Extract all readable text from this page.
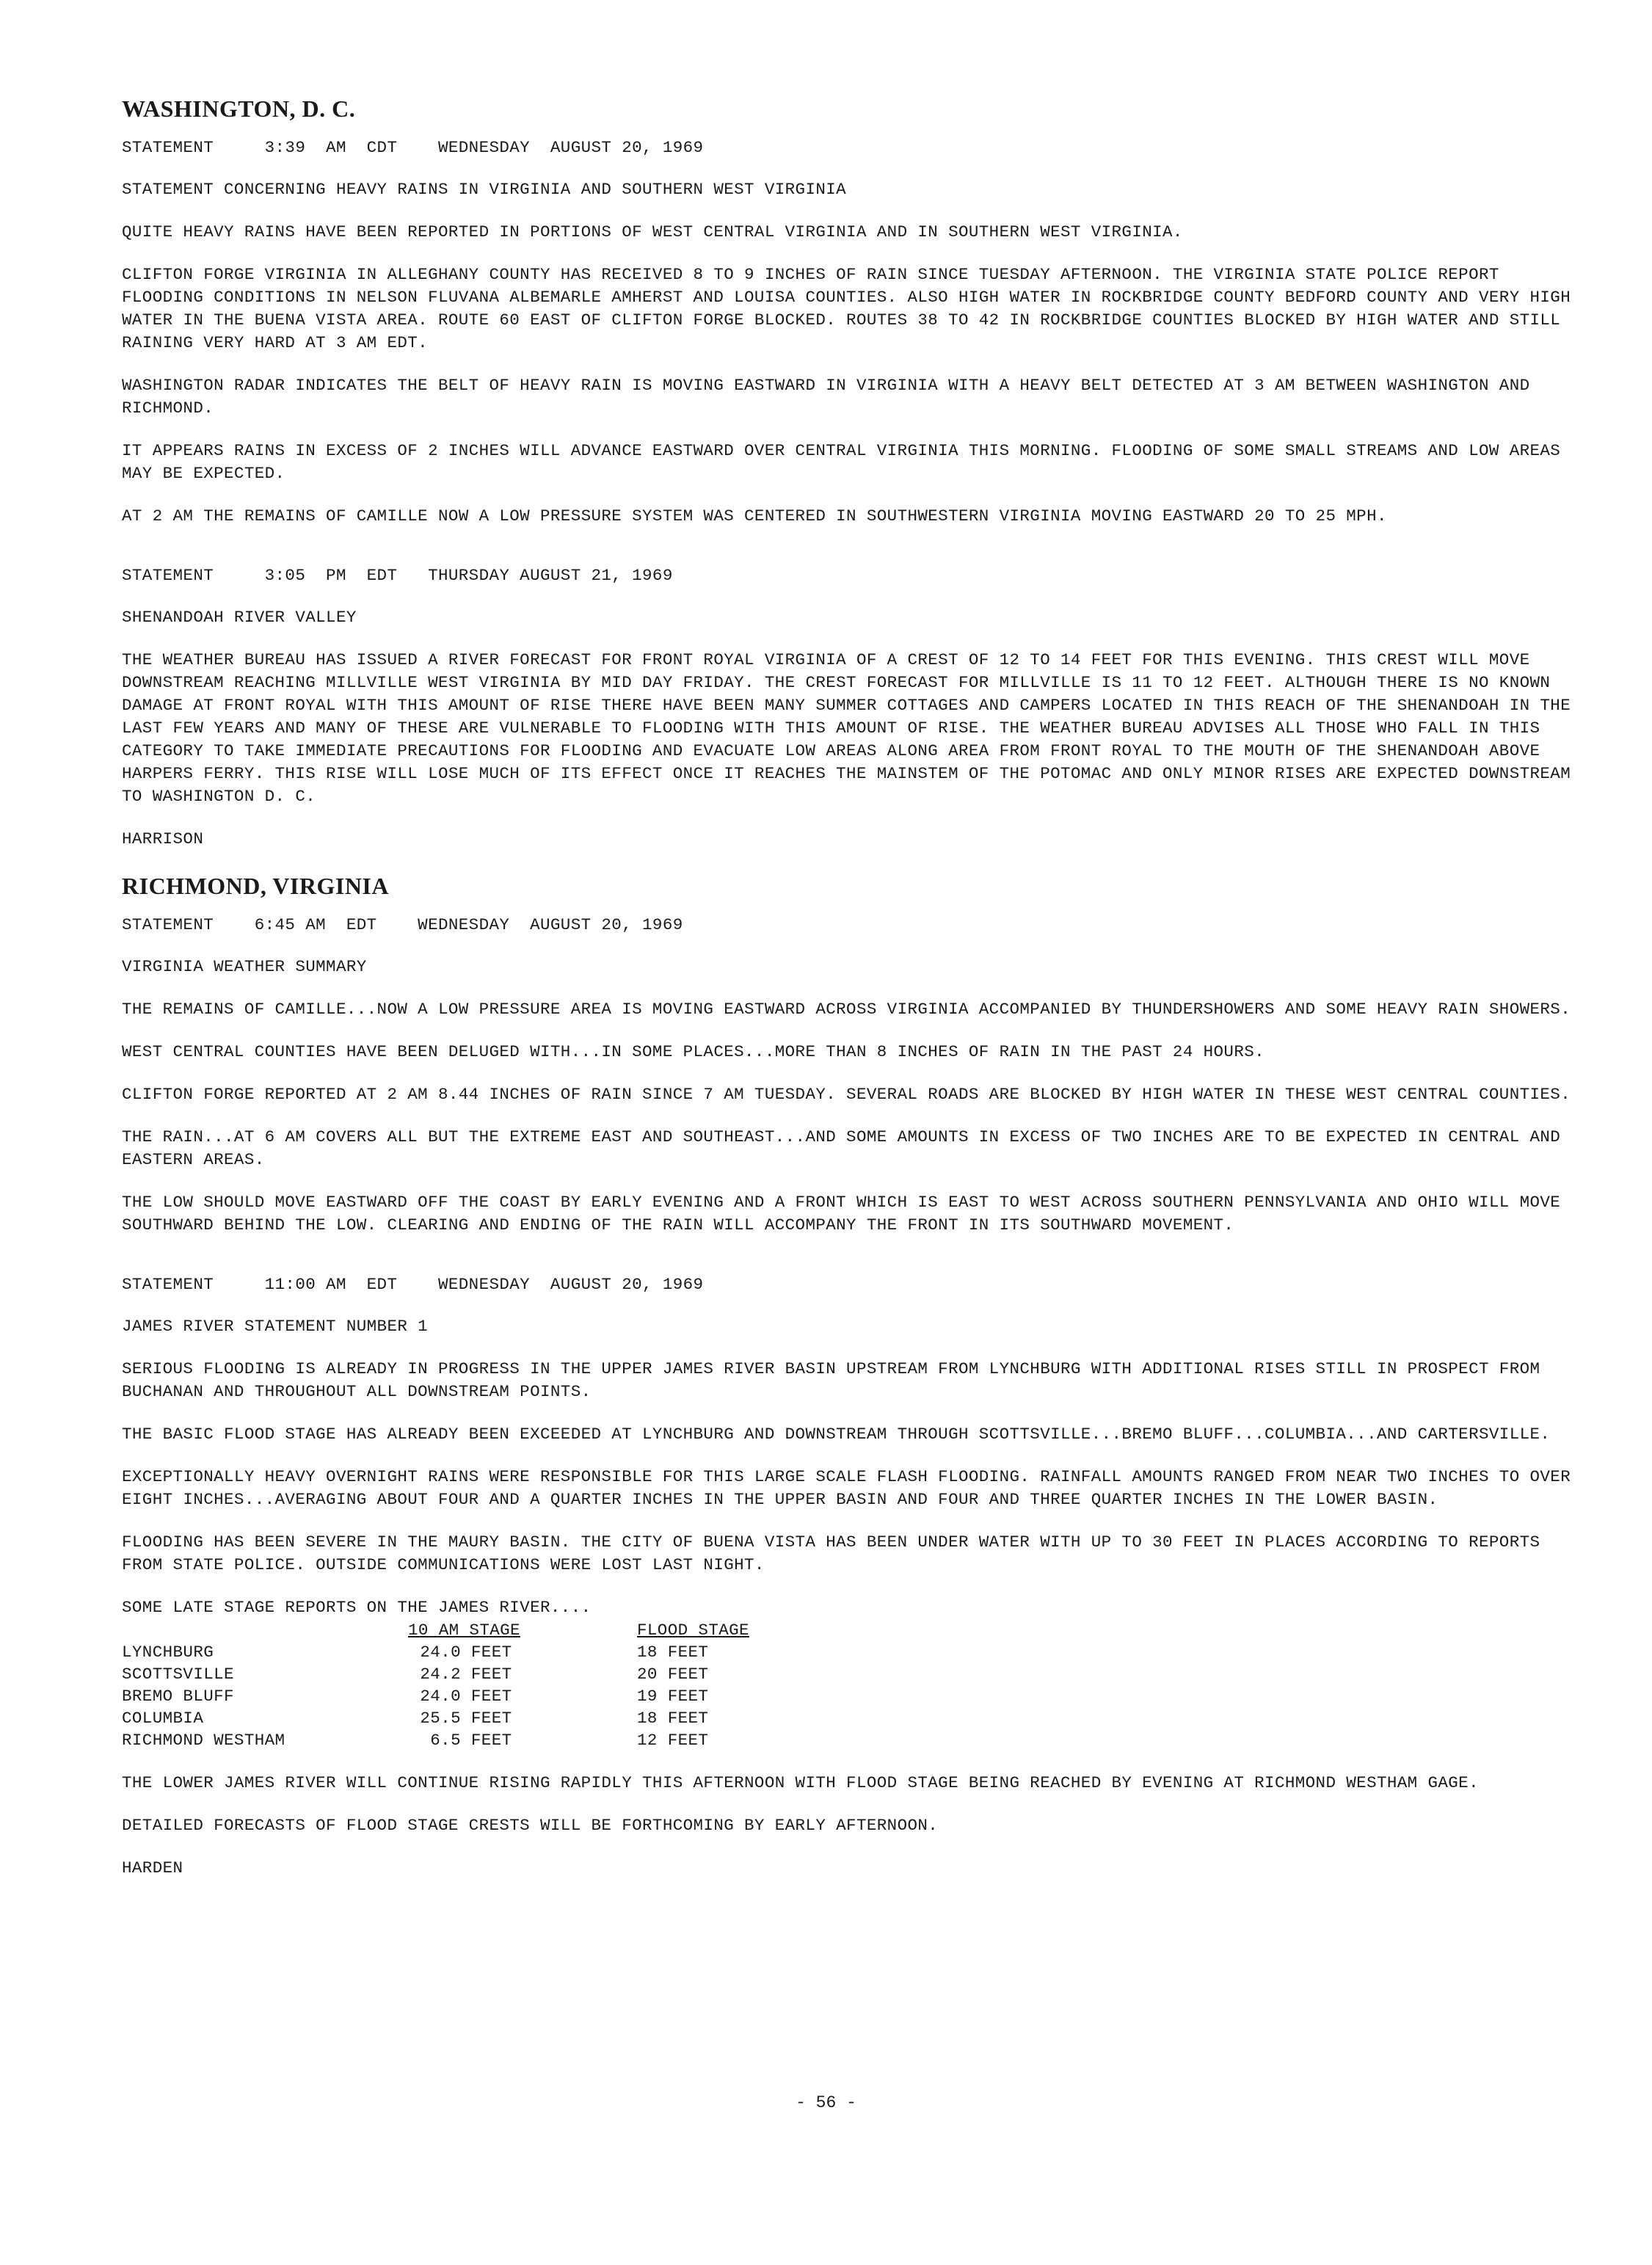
WASHINGTON, D. C.
STATEMENT     3:39  AM  CDT    WEDNESDAY  AUGUST 20, 1969

STATEMENT CONCERNING HEAVY RAINS IN VIRGINIA AND SOUTHERN WEST VIRGINIA

QUITE HEAVY RAINS HAVE BEEN REPORTED IN PORTIONS OF WEST CENTRAL VIRGINIA AND IN SOUTHERN WEST VIRGINIA.

CLIFTON FORGE VIRGINIA IN ALLEGHANY COUNTY HAS RECEIVED 8 TO 9 INCHES OF RAIN SINCE TUESDAY AFTERNOON. THE VIRGINIA STATE POLICE REPORT FLOODING CONDITIONS IN NELSON FLUVANA ALBEMARLE AMHERST AND LOUISA COUNTIES. ALSO HIGH WATER IN ROCKBRIDGE COUNTY BEDFORD COUNTY AND VERY HIGH WATER IN THE BUENA VISTA AREA. ROUTE 60 EAST OF CLIFTON FORGE BLOCKED. ROUTES 38 TO 42 IN ROCKBRIDGE COUNTIES BLOCKED BY HIGH WATER AND STILL RAINING VERY HARD AT 3 AM EDT.

WASHINGTON RADAR INDICATES THE BELT OF HEAVY RAIN IS MOVING EASTWARD IN VIRGINIA WITH A HEAVY BELT DETECTED AT 3 AM BETWEEN WASHINGTON AND RICHMOND.

IT APPEARS RAINS IN EXCESS OF 2 INCHES WILL ADVANCE EASTWARD OVER CENTRAL VIRGINIA THIS MORNING. FLOODING OF SOME SMALL STREAMS AND LOW AREAS MAY BE EXPECTED.

AT 2 AM THE REMAINS OF CAMILLE NOW A LOW PRESSURE SYSTEM WAS CENTERED IN SOUTHWESTERN VIRGINIA MOVING EASTWARD 20 TO 25 MPH.

STATEMENT     3:05  PM  EDT   THURSDAY AUGUST 21, 1969

SHENANDOAH RIVER VALLEY

THE WEATHER BUREAU HAS ISSUED A RIVER FORECAST FOR FRONT ROYAL VIRGINIA OF A CREST OF 12 TO 14 FEET FOR THIS EVENING. THIS CREST WILL MOVE DOWNSTREAM REACHING MILLVILLE WEST VIRGINIA BY MID DAY FRIDAY. THE CREST FORECAST FOR MILLVILLE IS 11 TO 12 FEET. ALTHOUGH THERE IS NO KNOWN DAMAGE AT FRONT ROYAL WITH THIS AMOUNT OF RISE THERE HAVE BEEN MANY SUMMER COTTAGES AND CAMPERS LOCATED IN THIS REACH OF THE SHENANDOAH IN THE LAST FEW YEARS AND MANY OF THESE ARE VULNERABLE TO FLOODING WITH THIS AMOUNT OF RISE. THE WEATHER BUREAU ADVISES ALL THOSE WHO FALL IN THIS CATEGORY TO TAKE IMMEDIATE PRECAUTIONS FOR FLOODING AND EVACUATE LOW AREAS ALONG AREA FROM FRONT ROYAL TO THE MOUTH OF THE SHENANDOAH ABOVE HARPERS FERRY. THIS RISE WILL LOSE MUCH OF ITS EFFECT ONCE IT REACHES THE MAINSTEM OF THE POTOMAC AND ONLY MINOR RISES ARE EXPECTED DOWNSTREAM TO WASHINGTON D. C.

HARRISON

RICHMOND, VIRGINIA
STATEMENT    6:45 AM  EDT    WEDNESDAY  AUGUST 20, 1969

VIRGINIA WEATHER SUMMARY

THE REMAINS OF CAMILLE...NOW A LOW PRESSURE AREA IS MOVING EASTWARD ACROSS VIRGINIA ACCOMPANIED BY THUNDERSHOWERS AND SOME HEAVY RAIN SHOWERS.

WEST CENTRAL COUNTIES HAVE BEEN DELUGED WITH...IN SOME PLACES...MORE THAN 8 INCHES OF RAIN IN THE PAST 24 HOURS.

CLIFTON FORGE REPORTED AT 2 AM 8.44 INCHES OF RAIN SINCE 7 AM TUESDAY. SEVERAL ROADS ARE BLOCKED BY HIGH WATER IN THESE WEST CENTRAL COUNTIES.

THE RAIN...AT 6 AM COVERS ALL BUT THE EXTREME EAST AND SOUTHEAST...AND SOME AMOUNTS IN EXCESS OF TWO INCHES ARE TO BE EXPECTED IN CENTRAL AND EASTERN AREAS.

THE LOW SHOULD MOVE EASTWARD OFF THE COAST BY EARLY EVENING AND A FRONT WHICH IS EAST TO WEST ACROSS SOUTHERN PENNSYLVANIA AND OHIO WILL MOVE SOUTHWARD BEHIND THE LOW. CLEARING AND ENDING OF THE RAIN WILL ACCOMPANY THE FRONT IN ITS SOUTHWARD MOVEMENT.

STATEMENT     11:00 AM  EDT    WEDNESDAY  AUGUST 20, 1969

JAMES RIVER STATEMENT NUMBER 1

SERIOUS FLOODING IS ALREADY IN PROGRESS IN THE UPPER JAMES RIVER BASIN UPSTREAM FROM LYNCHBURG WITH ADDITIONAL RISES STILL IN PROSPECT FROM BUCHANAN AND THROUGHOUT ALL DOWNSTREAM POINTS.

THE BASIC FLOOD STAGE HAS ALREADY BEEN EXCEEDED AT LYNCHBURG AND DOWNSTREAM THROUGH SCOTTSVILLE...BREMO BLUFF...COLUMBIA...AND CARTERSVILLE.

EXCEPTIONALLY HEAVY OVERNIGHT RAINS WERE RESPONSIBLE FOR THIS LARGE SCALE FLASH FLOODING. RAINFALL AMOUNTS RANGED FROM NEAR TWO INCHES TO OVER EIGHT INCHES...AVERAGING ABOUT FOUR AND A QUARTER INCHES IN THE UPPER BASIN AND FOUR AND THREE QUARTER INCHES IN THE LOWER BASIN.

FLOODING HAS BEEN SEVERE IN THE MAURY BASIN. THE CITY OF BUENA VISTA HAS BEEN UNDER WATER WITH UP TO 30 FEET IN PLACES ACCORDING TO REPORTS FROM STATE POLICE. OUTSIDE COMMUNICATIONS WERE LOST LAST NIGHT.

SOME LATE STAGE REPORTS ON THE JAMES RIVER....
	10 AM STAGE	FLOOD STAGE
LYNCHBURG	24.0 FEET	18 FEET
SCOTTSVILLE	24.2 FEET	20 FEET
BREMO BLUFF	24.0 FEET	19 FEET
COLUMBIA	25.5 FEET	18 FEET
RICHMOND WESTHAM	6.5 FEET	12 FEET

THE LOWER JAMES RIVER WILL CONTINUE RISING RAPIDLY THIS AFTERNOON WITH FLOOD STAGE BEING REACHED BY EVENING AT RICHMOND WESTHAM GAGE.

DETAILED FORECASTS OF FLOOD STAGE CRESTS WILL BE FORTHCOMING BY EARLY AFTERNOON.

HARDEN

- 56 -
